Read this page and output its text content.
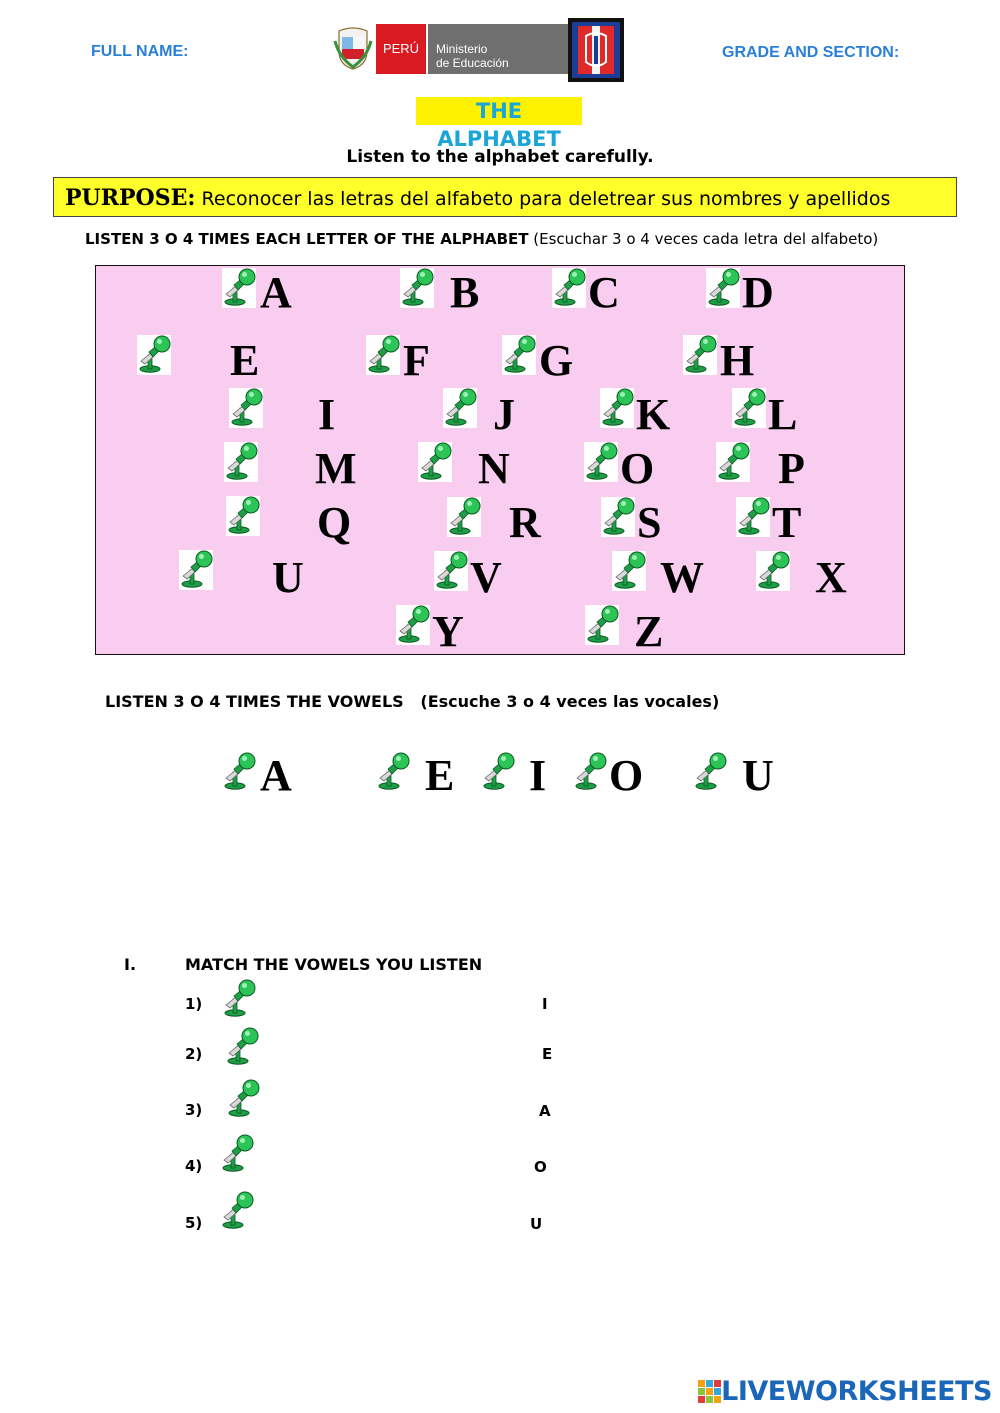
FULL NAME:	GRADE AND SECTION:
PERÚ	Ministerio
de Educación
THE ALPHABET
Listen to the alphabet carefully.
PURPOSE: Reconocer las letras del alfabeto para deletrear sus nombres y apellidos
LISTEN 3 O 4 TIMES EACH LETTER OF THE ALPHABET (Escuchar 3 o 4 veces cada letra del alfabeto)
A	B C	D
E	F G	H
I	J	K L
M	N	O	P
Q	R S	T
U	V	W	X
Y	Z
LISTEN 3 O 4 TIMES THE VOWELS (Escuche 3 o 4 veces las vocales)
A	E I O U
I.	MATCH THE VOWELS YOU LISTEN
1)	I
2)	E
3)	A
4)	O
5)	U
LIVEWORKSHEETS
